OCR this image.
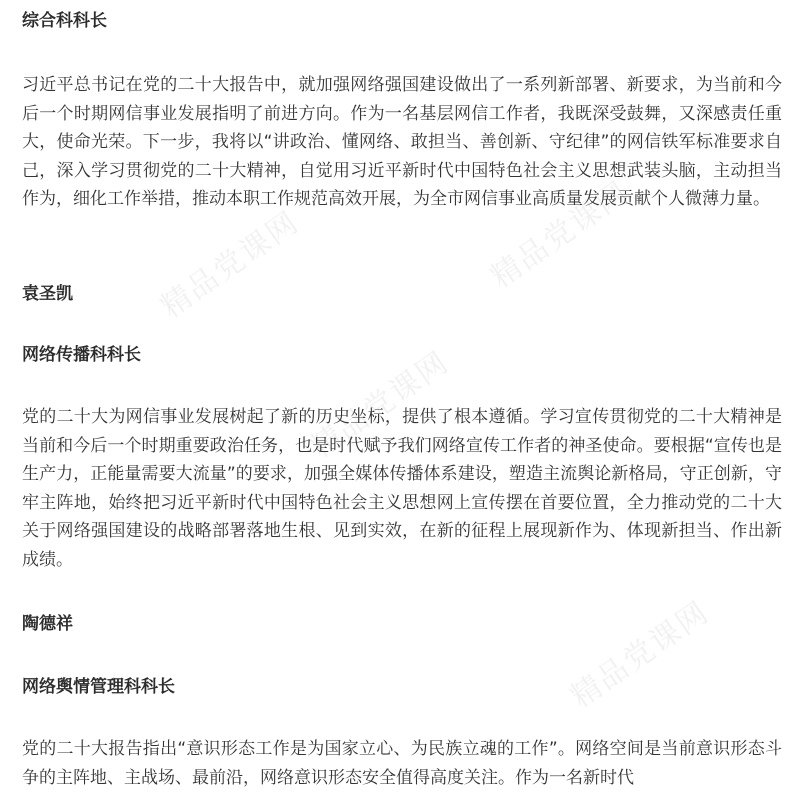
精品党课网	精品党课网
精品党课网
精品党课网
综合科科长

习近平总书记在党的二十大报告中，就加强网络强国建设做出了一系列新部署、新要求，为当前和今后一个时期网信事业发展指明了前进方向。作为一名基层网信工作者，我既深受鼓舞，又深感责任重大，使命光荣。下一步，我将以“讲政治、懂网络、敢担当、善创新、守纪律”的网信铁军标准要求自己，深入学习贯彻党的二十大精神，自觉用习近平新时代中国特色社会主义思想武装头脑，主动担当作为，细化工作举措，推动本职工作规范高效开展，为全市网信事业高质量发展贡献个人微薄力量。

袁圣凯
网络传播科科长

党的二十大为网信事业发展树起了新的历史坐标，提供了根本遵循。学习宣传贯彻党的二十大精神是当前和今后一个时期重要政治任务，也是时代赋予我们网络宣传工作者的神圣使命。要根据“宣传也是生产力，正能量需要大流量”的要求，加强全媒体传播体系建设，塑造主流舆论新格局，守正创新，守牢主阵地，始终把习近平新时代中国特色社会主义思想网上宣传摆在首要位置，全力推动党的二十大关于网络强国建设的战略部署落地生根、见到实效，在新的征程上展现新作为、体现新担当、作出新成绩。

陶德祥
网络舆情管理科科长

党的二十大报告指出“意识形态工作是为国家立心、为民族立魂的工作”。网络空间是当前意识形态斗争的主阵地、主战场、最前沿，网络意识形态安全值得高度关注。作为一名新时代
